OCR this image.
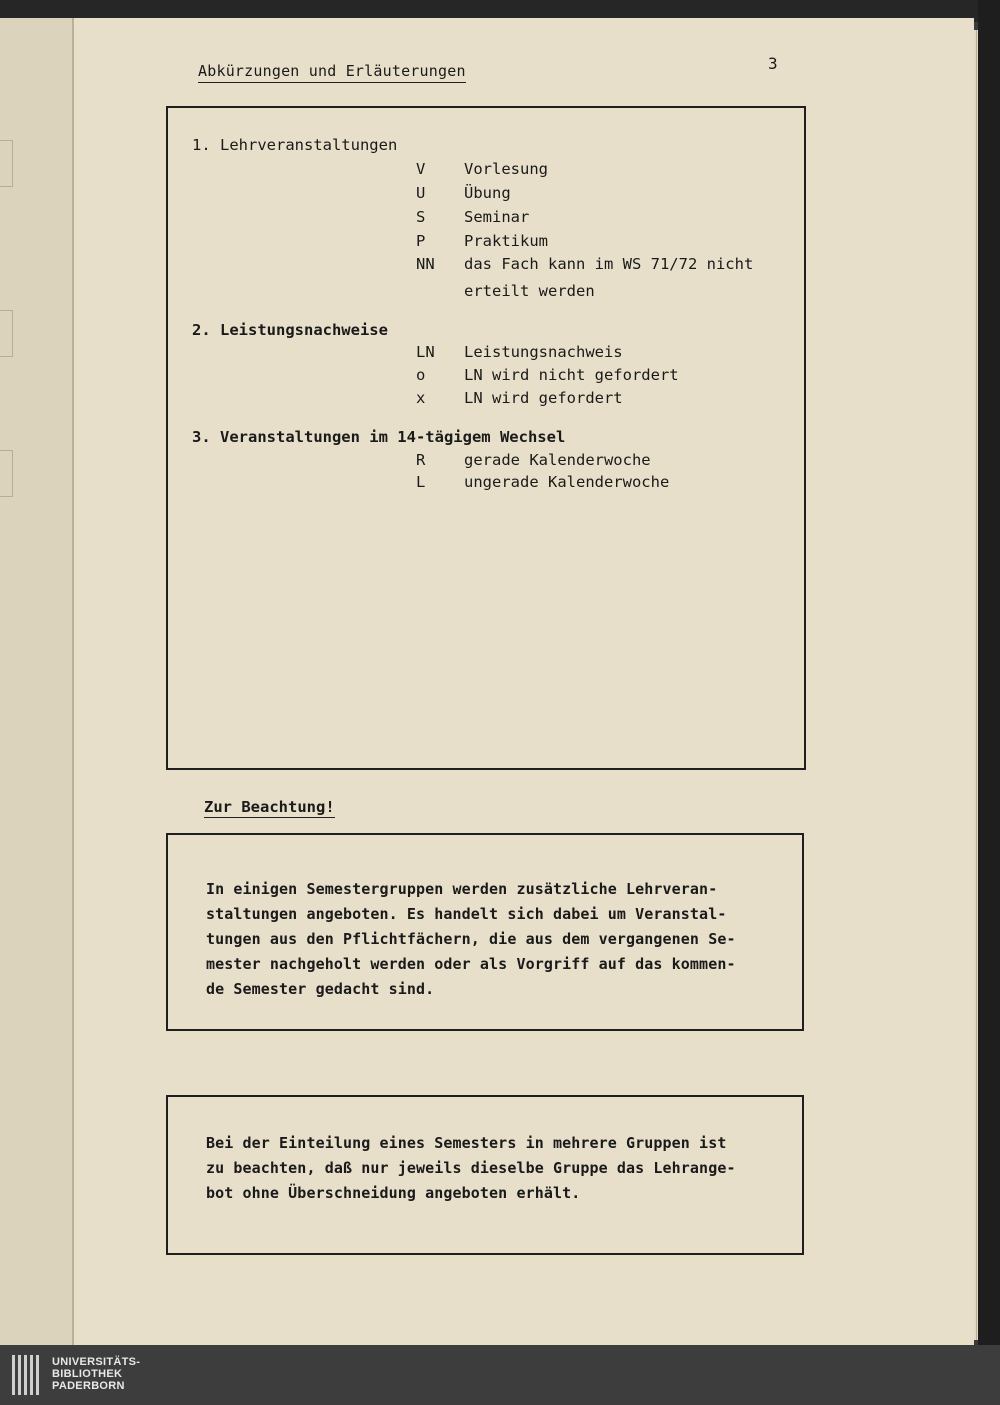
Abkürzungen und Erläuterungen	3
1. Lehrveranstaltungen
V Vorlesung
U Übung
S Seminar
P Praktikum
NN das Fach kann im WS 71/72 nicht
erteilt werden
2. Leistungsnachweise
LN Leistungsnachweis
o LN wird nicht gefordert
x LN wird gefordert
3. Veranstaltungen im 14-tägigem Wechsel
R gerade Kalenderwoche
L ungerade Kalenderwoche
Zur Beachtung!
In einigen Semestergruppen werden zusätzliche Lehrveran-
staltungen angeboten. Es handelt sich dabei um Veranstal-
tungen aus den Pflichtfächern, die aus dem vergangenen Se-
mester nachgeholt werden oder als Vorgriff auf das kommen-
de Semester gedacht sind.
Bei der Einteilung eines Semesters in mehrere Gruppen ist
zu beachten, daß nur jeweils dieselbe Gruppe das Lehrange-
bot ohne Überschneidung angeboten erhält.
UNIVERSITÄTS-
BIBLIOTHEK
PADERBORN
